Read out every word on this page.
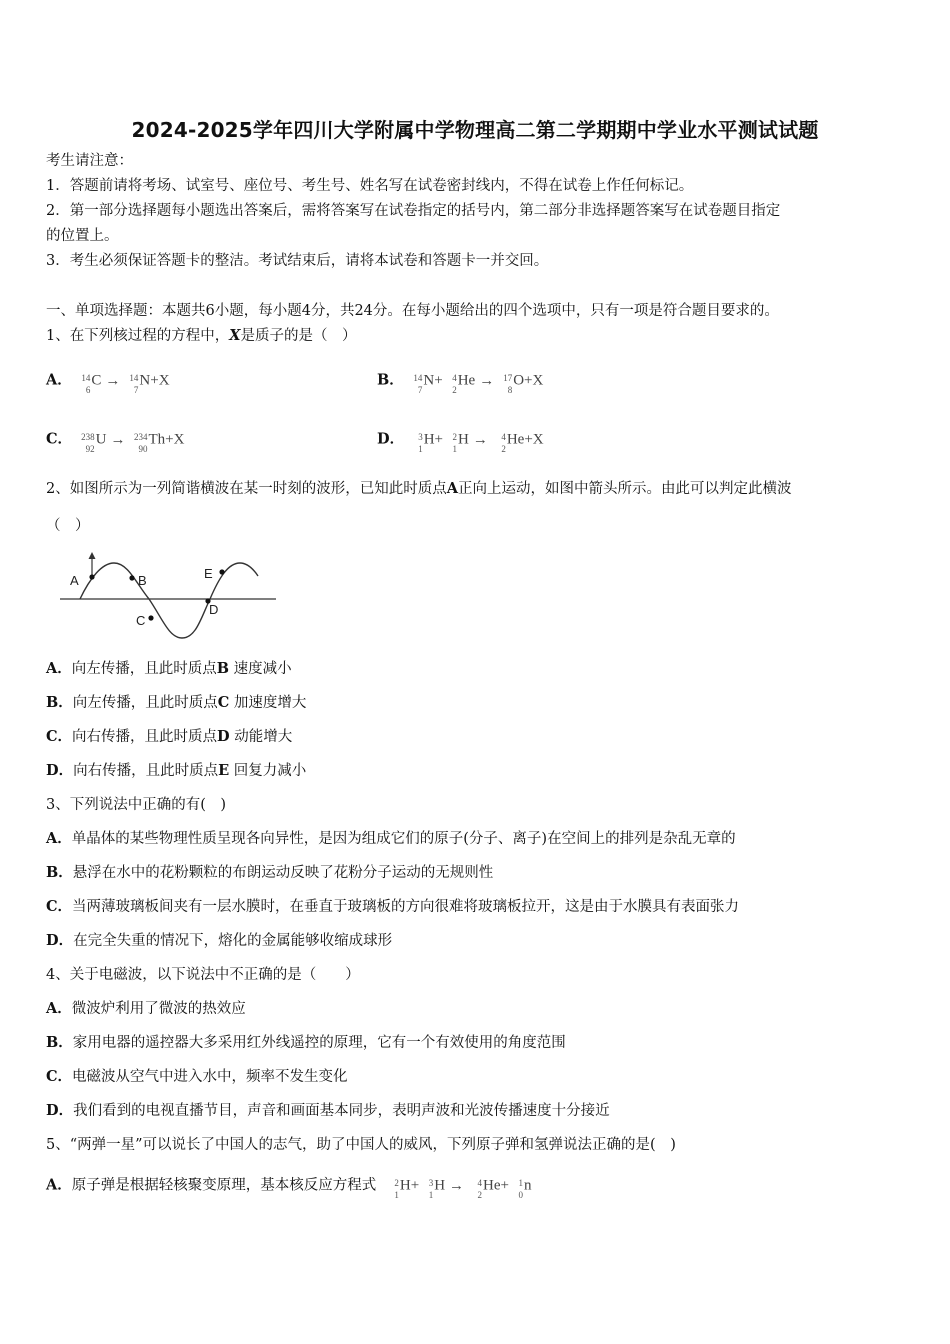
2024-2025学年四川大学附属中学物理高二第二学期期中学业水平测试试题
考生请注意：
1．答题前请将考场、试室号、座位号、考生号、姓名写在试卷密封线内，不得在试卷上作任何标记。
2．第一部分选择题每小题选出答案后，需将答案写在试卷指定的括号内，第二部分非选择题答案写在试卷题目指定
的位置上。
3．考生必须保证答题卡的整洁。考试结束后，请将本试卷和答题卡一并交回。
一、单项选择题：本题共6小题，每小题4分，共24分。在每小题给出的四个选项中，只有一项是符合题目要求的。
1、在下列核过程的方程中，X是质子的是（　）
A． 14
6
C → 14
7
N+X	B． 14
7
N+ 4
2
He → 17
8
O+X
C． 238
92
U → 234
90
Th+X	D． 3
1
H+ 2
1
H → 4
2
He+X
2、如图所示为一列简谐横波在某一时刻的波形，已知此时质点A正向上运动，如图中箭头所示。由此可以判定此横波
（　）
A	B
C
D
E
A．向左传播，且此时质点B 速度减小
B．向左传播，且此时质点C 加速度增大
C．向右传播，且此时质点D 动能增大
D．向右传播，且此时质点E 回复力减小
3、下列说法中正确的有(　)
A．单晶体的某些物理性质呈现各向异性，是因为组成它们的原子(分子、离子)在空间上的排列是杂乱无章的
B．悬浮在水中的花粉颗粒的布朗运动反映了花粉分子运动的无规则性
C．当两薄玻璃板间夹有一层水膜时，在垂直于玻璃板的方向很难将玻璃板拉开，这是由于水膜具有表面张力
D．在完全失重的情况下，熔化的金属能够收缩成球形
4、关于电磁波，以下说法中不正确的是（　　）
A．微波炉利用了微波的热效应
B．家用电器的遥控器大多采用红外线遥控的原理，它有一个有效使用的角度范围
C．电磁波从空气中进入水中，频率不发生变化
D．我们看到的电视直播节目，声音和画面基本同步，表明声波和光波传播速度十分接近
5、“两弹一星”可以说长了中国人的志气，助了中国人的威风，下列原子弹和氢弹说法正确的是(　)
A．原子弹是根据轻核聚变原理，基本核反应方程式 2
1
H+ 3
1
H → 4
2
He+ 1
0
n
